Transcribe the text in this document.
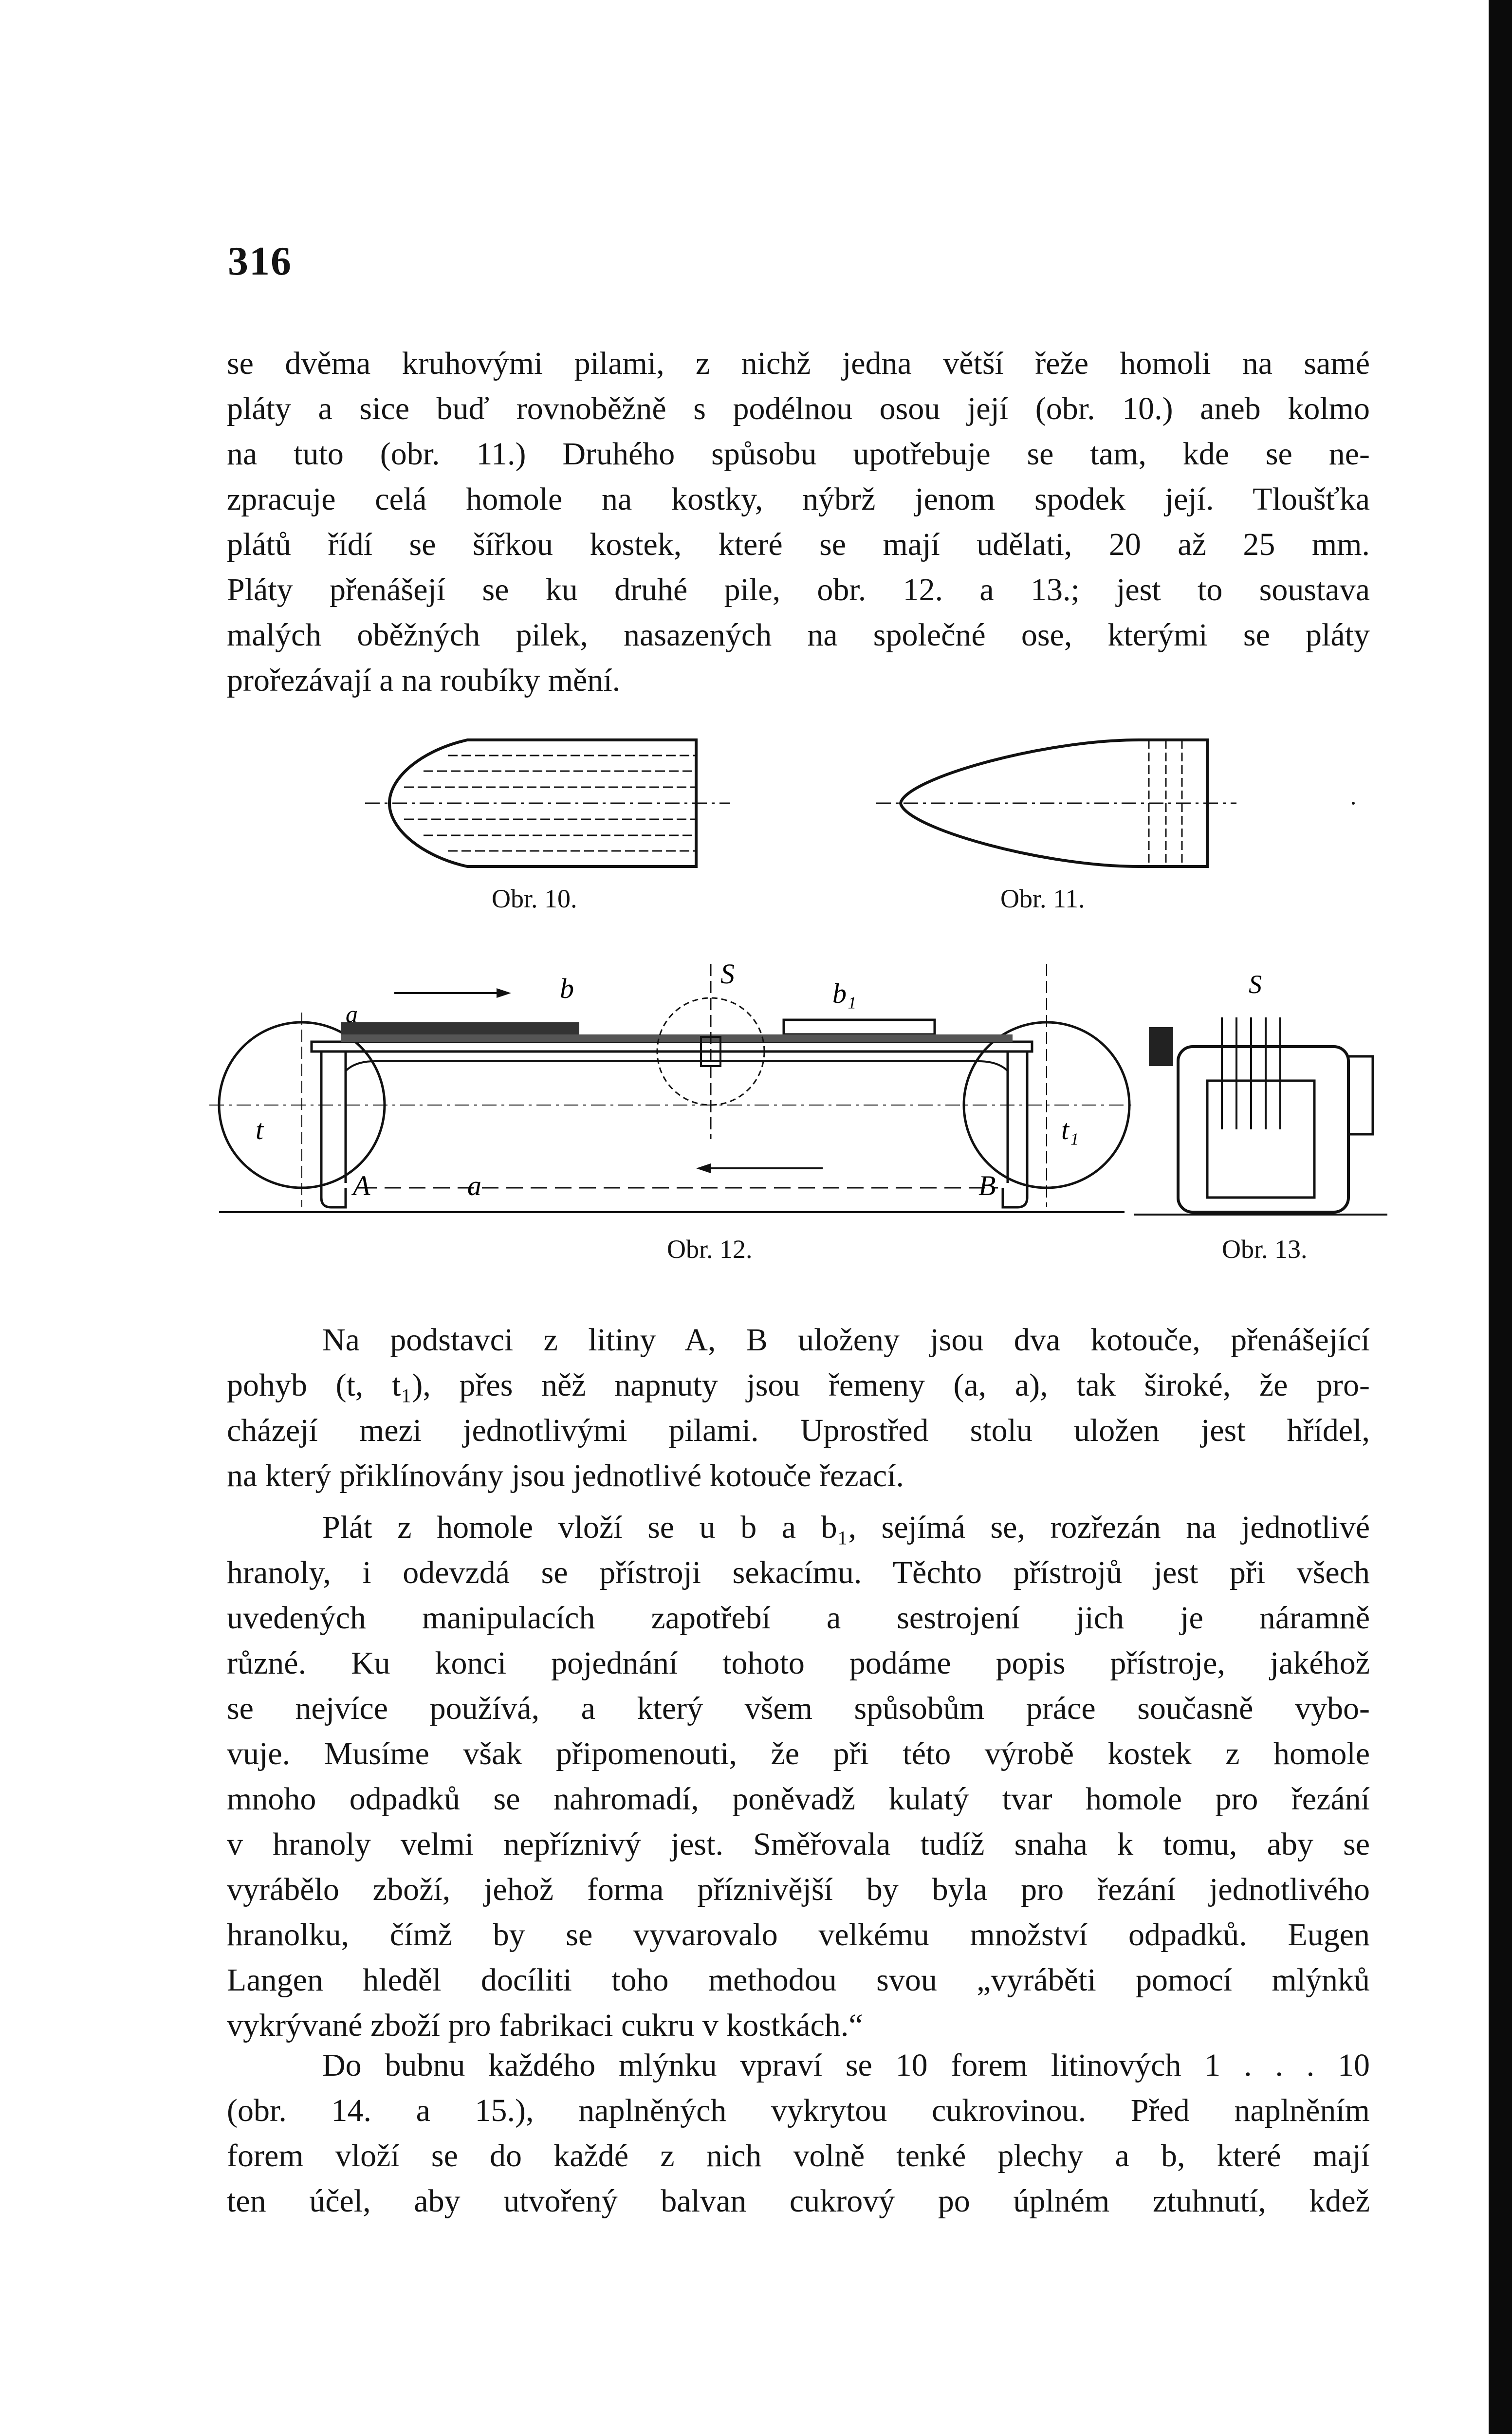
316
se dvěma kruhovými pilami, z nichž jedna větší řeže homoli na samé
pláty a sice buď rovnoběžně s podélnou osou její (obr. 10.) aneb kolmo
na tuto (obr. 11.) Druhého spůsobu upotřebuje se tam, kde se ne-
zpracuje celá homole na kostky, nýbrž jenom spodek její. Tloušťka
plátů řídí se šířkou kostek, které se mají udělati, 20 až 25 mm.
Pláty přenášejí se ku druhé pile, obr. 12. a 13.; jest to soustava
malých oběžných pilek, nasazených na společné ose, kterými se pláty
prořezávají a na roubíky mění.
Obr. 10.	Obr. 11.
b	S
b₁
a
t	t₁
A	a	B
Obr. 12.
S
Obr. 13.
Na podstavci z litiny A, B uloženy jsou dva kotouče, přenášející
pohyb (t, t₁), přes něž napnuty jsou řemeny (a, a), tak široké, že pro-
cházejí mezi jednotlivými pilami. Uprostřed stolu uložen jest hřídel,
na který přiklínovány jsou jednotlivé kotouče řezací.
Plát z homole vloží se u b a b₁, sejímá se, rozřezán na jednotlivé
hranoly, i odevzdá se přístroji sekacímu. Těchto přístrojů jest při všech
uvedených manipulacích zapotřebí a sestrojení jich je náramně
různé. Ku konci pojednání tohoto podáme popis přístroje, jakéhož
se nejvíce používá, a který všem spůsobům práce současně vybo-
vuje. Musíme však připomenouti, že při této výrobě kostek z homole
mnoho odpadků se nahromadí, poněvadž kulatý tvar homole pro řezání
v hranoly velmi nepříznivý jest. Směřovala tudíž snaha k tomu, aby se
vyrábělo zboží, jehož forma příznivější by byla pro řezání jednotlivého
hranolku, čímž by se vyvarovalo velkému množství odpadků. Eugen
Langen hleděl docíliti toho methodou svou „vyráběti pomocí mlýnků
vykrývané zboží pro fabrikaci cukru v kostkách.“
Do bubnu každého mlýnku vpraví se 10 forem litinových 1 . . . 10
(obr. 14. a 15.), naplněných vykrytou cukrovinou. Před naplněním
forem vloží se do každé z nich volně tenké plechy a b, které mají
ten účel, aby utvořený balvan cukrový po úplném ztuhnutí, kdež
